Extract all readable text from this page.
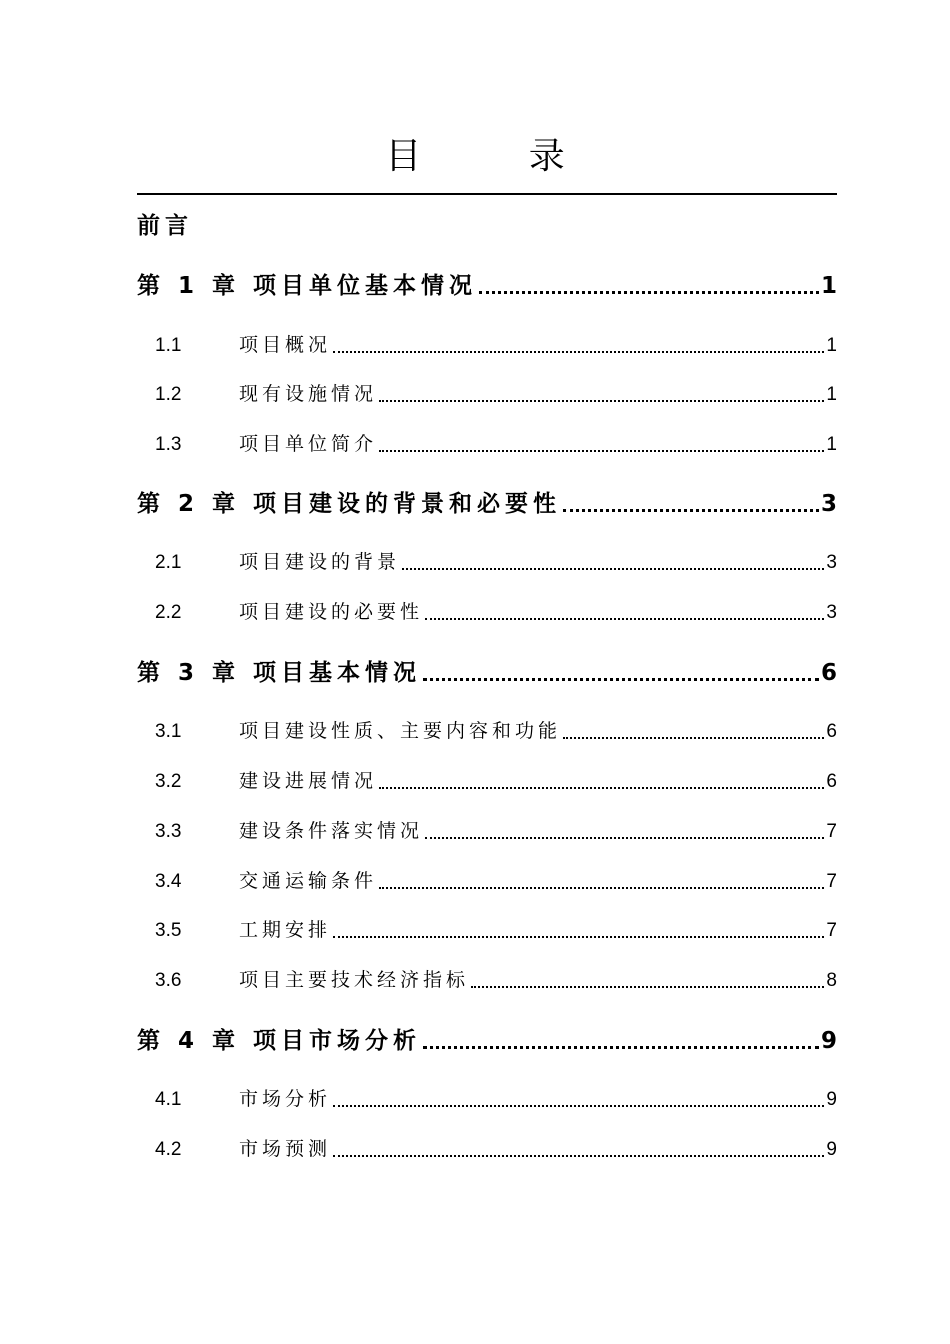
目 录
前言
第 1 章 项目单位基本情况	1
1.1	项目概况	1
1.2	现有设施情况	1
1.3	项目单位简介	1
第 2 章 项目建设的背景和必要性	3
2.1	项目建设的背景	3
2.2	项目建设的必要性	3
第 3 章 项目基本情况	6
3.1	项目建设性质、主要内容和功能	6
3.2	建设进展情况	6
3.3	建设条件落实情况	7
3.4	交通运输条件	7
3.5	工期安排	7
3.6	项目主要技术经济指标	8
第 4 章 项目市场分析	9
4.1	市场分析	9
4.2	市场预测	9
